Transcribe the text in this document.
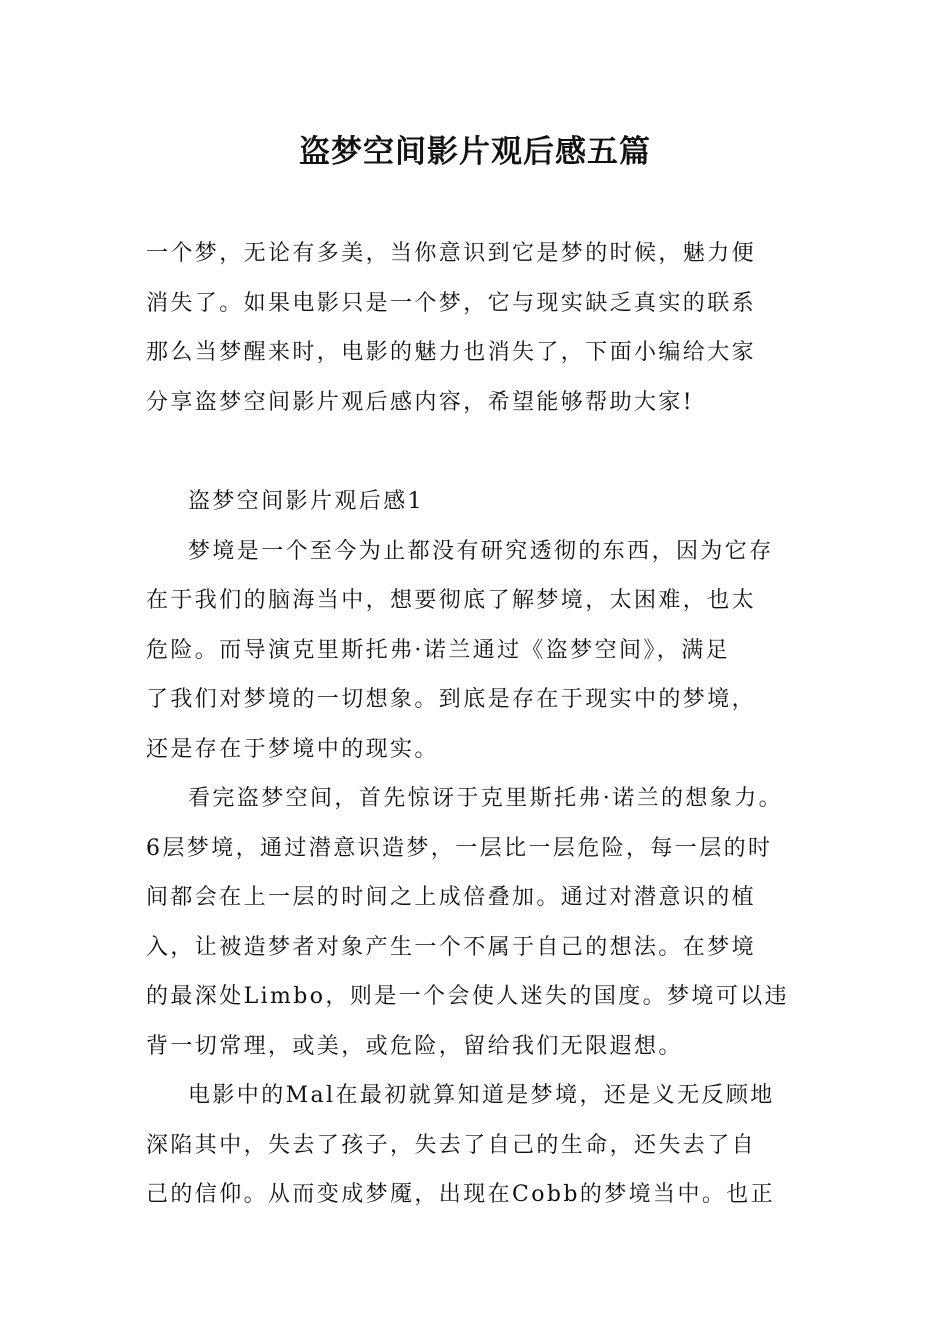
盗梦空间影片观后感五篇
一个梦，无论有多美，当你意识到它是梦的时候，魅力便
消失了。如果电影只是一个梦，它与现实缺乏真实的联系
那么当梦醒来时，电影的魅力也消失了，下面小编给大家
分享盗梦空间影片观后感内容，希望能够帮助大家!
盗梦空间影片观后感1
梦境是一个至今为止都没有研究透彻的东西，因为它存
在于我们的脑海当中，想要彻底了解梦境，太困难，也太
危险。而导演克里斯托弗·诺兰通过《盗梦空间》，满足
了我们对梦境的一切想象。到底是存在于现实中的梦境，
还是存在于梦境中的现实。
看完盗梦空间，首先惊讶于克里斯托弗·诺兰的想象力。
6层梦境，通过潜意识造梦，一层比一层危险，每一层的时
间都会在上一层的时间之上成倍叠加。通过对潜意识的植
入，让被造梦者对象产生一个不属于自己的想法。在梦境
的最深处Limbo，则是一个会使人迷失的国度。梦境可以违
背一切常理，或美，或危险，留给我们无限遐想。
电影中的Mal在最初就算知道是梦境，还是义无反顾地
深陷其中，失去了孩子，失去了自己的生命，还失去了自
己的信仰。从而变成梦魇，出现在Cobb的梦境当中。也正
